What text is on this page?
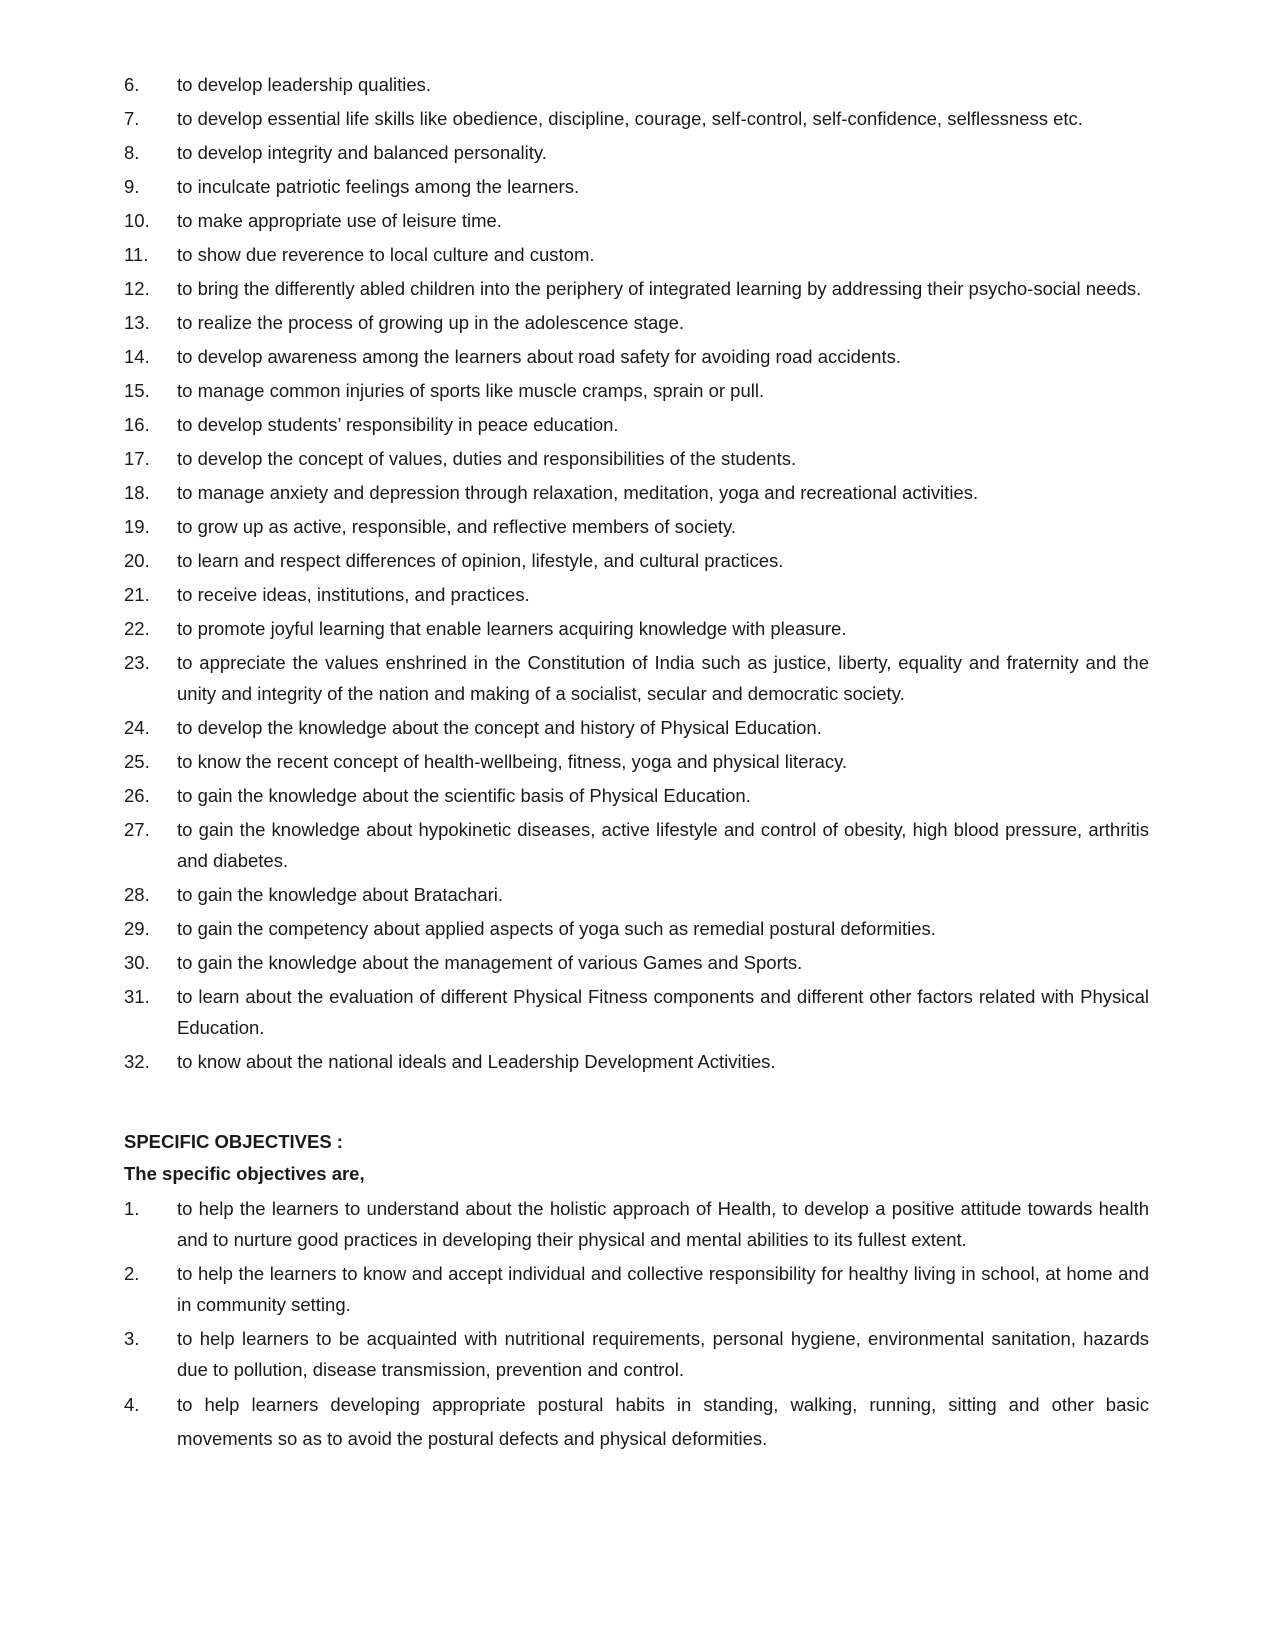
6.	to develop leadership qualities.
7.	to develop essential life skills like obedience, discipline, courage, self-control, self-confidence, selflessness etc.
8.	to develop integrity and balanced personality.
9.	to inculcate patriotic feelings among the learners.
10.	to make appropriate use of leisure time.
11.	to show due reverence to local culture and custom.
12.	to bring the differently abled children into the periphery of integrated learning by addressing their psycho-social needs.
13.	to realize the process of growing up in the adolescence stage.
14.	to develop awareness among the learners about road safety for avoiding road accidents.
15.	to manage common injuries of sports like muscle cramps, sprain or pull.
16.	to develop students’ responsibility in peace education.
17.	to develop the concept of values, duties and responsibilities of the students.
18.	to manage anxiety and depression through relaxation, meditation, yoga and recreational activities.
19.	to grow up as active, responsible, and reflective members of society.
20.	to learn and respect differences of opinion, lifestyle, and cultural practices.
21.	to receive ideas, institutions, and practices.
22.	to promote joyful learning that enable learners acquiring knowledge with pleasure.
23.	to appreciate the values enshrined in the Constitution of India such as justice, liberty, equality and fraternity and the unity and integrity of the nation and making of a socialist, secular and democratic society.
24.	to develop the knowledge about the concept and history of Physical Education.
25.	to know the recent concept of health-wellbeing, fitness, yoga and physical literacy.
26.	to gain the knowledge about the scientific basis of Physical Education.
27.	to gain the knowledge about hypokinetic diseases, active lifestyle and control of obesity, high blood pressure, arthritis and diabetes.
28.	to gain the knowledge about Bratachari.
29.	to gain the competency about applied aspects of yoga such as remedial postural deformities.
30.	to gain the knowledge about the management of various Games and Sports.
31.	to learn about the evaluation of different Physical Fitness components and different other factors related with Physical Education.
32.	to know about the national ideals and Leadership Development Activities.
SPECIFIC OBJECTIVES :

The specific objectives are,

1.	to help the learners to understand about the holistic approach of Health, to develop a positive attitude towards health and to nurture good practices in developing their physical and mental abilities to its fullest extent.
2.	to help the learners to know and accept individual and collective responsibility for healthy living in school, at home and in community setting.
3.	to help learners to be acquainted with nutritional requirements, personal hygiene, environmental sanitation, hazards due to pollution, disease transmission, prevention and control.
4.	to help learners developing appropriate postural habits in standing, walking, running, sitting and other basic movements so as to avoid the postural defects and physical deformities.
